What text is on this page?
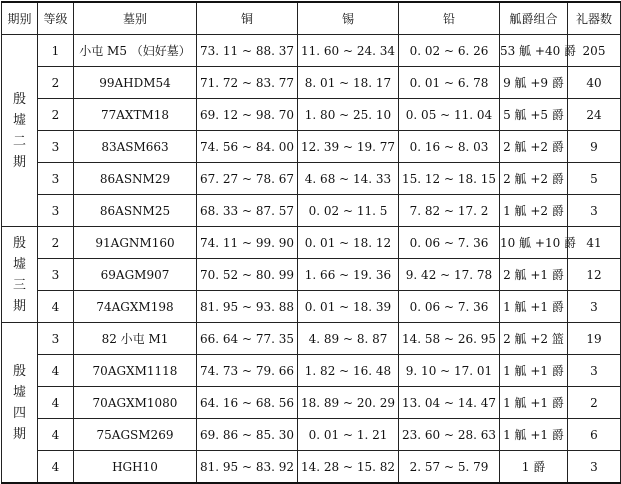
期别	等级	墓别	铜	锡	铅	觚爵组合	礼器数

殷
墟
二
期	1	小屯 M5 （妇好墓）	73. 11 ~ 88. 37	11. 60 ~ 24. 34	0. 02 ~ 6. 26	53 觚 +40 爵	205
	2	99AHDM54	71. 72 ~ 83. 77	8. 01 ~ 18. 17	0. 01 ~ 6. 78	9 觚 +9 爵	40
	2	77AXTM18	69. 12 ~ 98. 70	1. 80 ~ 25. 10	0. 05 ~ 11. 04	5 觚 +5 爵	24
	3	83ASM663	74. 56 ~ 84. 00	12. 39 ~ 19. 77	0. 16 ~ 8. 03	2 觚 +2 爵	9
	3	86ASNM29	67. 27 ~ 78. 67	4. 68 ~ 14. 33	15. 12 ~ 18. 15	2 觚 +2 爵	5
	3	86ASNM25	68. 33 ~ 87. 57	0. 02 ~ 11. 5	7. 82 ~ 17. 2	1 觚 +2 爵	3

殷
墟
三
期	2	91AGNM160	74. 11 ~ 99. 90	0. 01 ~ 18. 12	0. 06 ~ 7. 36	10 觚 +10 爵	41
	3	69AGM907	70. 52 ~ 80. 99	1. 66 ~ 19. 36	9. 42 ~ 17. 78	2 觚 +1 爵	12
	4	74AGXM198	81. 95 ~ 93. 88	0. 01 ~ 18. 39	0. 06 ~ 7. 36	1 觚 +1 爵	3

殷
墟
四
期	3	82 小屯 M1	66. 64 ~ 77. 35	4. 89 ~ 8. 87	14. 58 ~ 26. 95	2 觚 +2 篮	19
	4	70AGXM1118	74. 73 ~ 79. 66	1. 82 ~ 16. 48	9. 10 ~ 17. 01	1 觚 +1 爵	3
	4	70AGXM1080	64. 16 ~ 68. 56	18. 89 ~ 20. 29	13. 04 ~ 14. 47	1 觚 +1 爵	2
	4	75AGSM269	69. 86 ~ 85. 30	0. 01 ~ 1. 21	23. 60 ~ 28. 63	1 觚 +1 爵	6
	4	HGH10	81. 95 ~ 83. 92	14. 28 ~ 15. 82	2. 57 ~ 5. 79	1 爵	3
